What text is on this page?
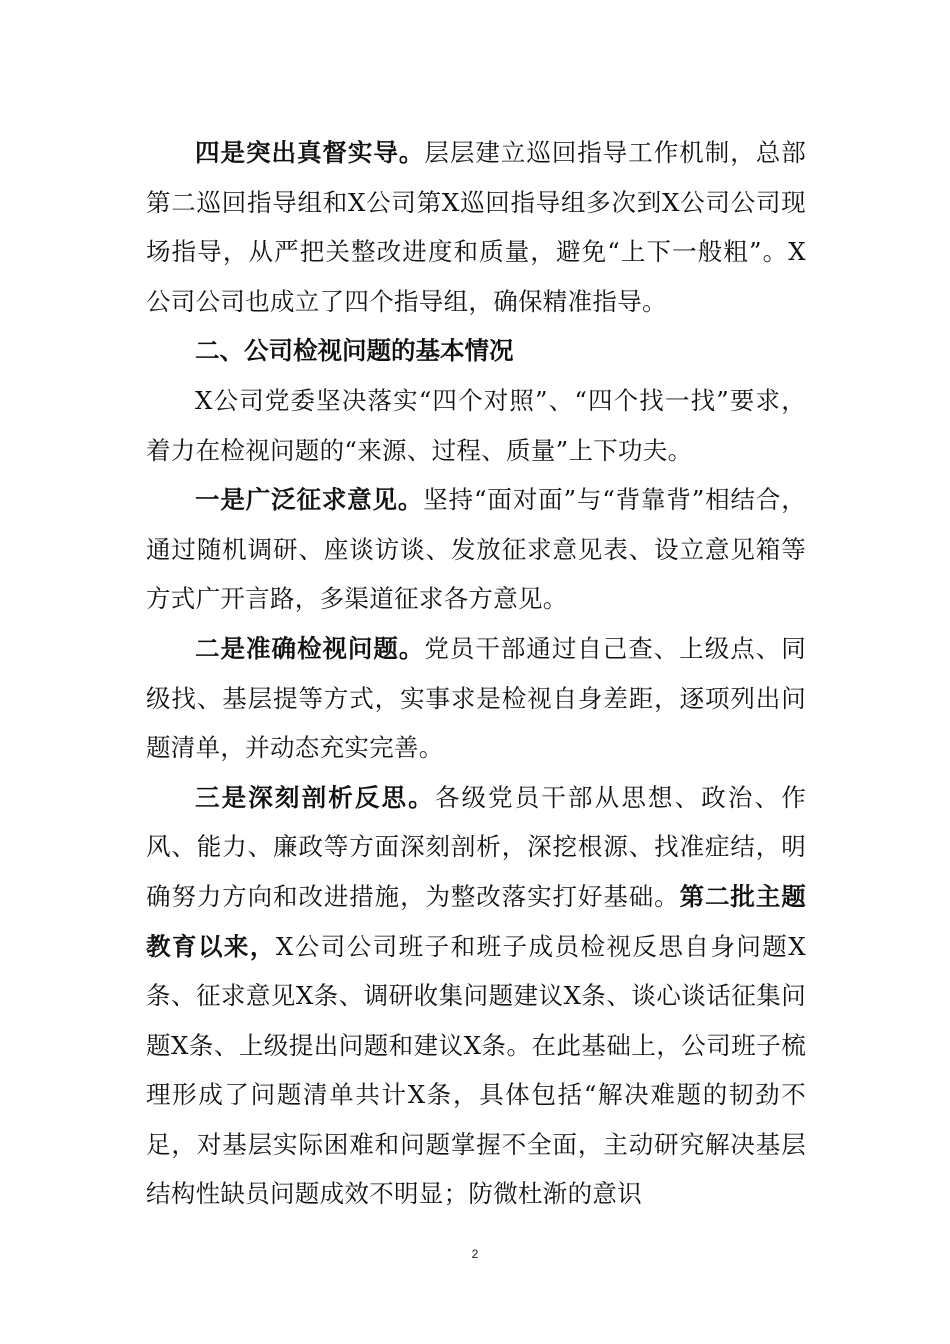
四是突出真督实导。层层建立巡回指导工作机制，总部第二巡回指导组和X公司第X巡回指导组多次到X公司公司现场指导，从严把关整改进度和质量，避免“上下一般粗”。X公司公司也成立了四个指导组，确保精准指导。

二、公司检视问题的基本情况

X公司党委坚决落实“四个对照”、“四个找一找”要求，着力在检视问题的“来源、过程、质量”上下功夫。

一是广泛征求意见。坚持“面对面”与“背靠背”相结合，通过随机调研、座谈访谈、发放征求意见表、设立意见箱等方式广开言路，多渠道征求各方意见。

二是准确检视问题。党员干部通过自己查、上级点、同级找、基层提等方式，实事求是检视自身差距，逐项列出问题清单，并动态充实完善。

三是深刻剖析反思。各级党员干部从思想、政治、作风、能力、廉政等方面深刻剖析，深挖根源、找准症结，明确努力方向和改进措施，为整改落实打好基础。第二批主题教育以来，X公司公司班子和班子成员检视反思自身问题X条、征求意见X条、调研收集问题建议X条、谈心谈话征集问题X条、上级提出问题和建议X条。在此基础上，公司班子梳理形成了问题清单共计X条，具体包括“解决难题的韧劲不足，对基层实际困难和问题掌握不全面，主动研究解决基层结构性缺员问题成效不明显；防微杜渐的意识

2
